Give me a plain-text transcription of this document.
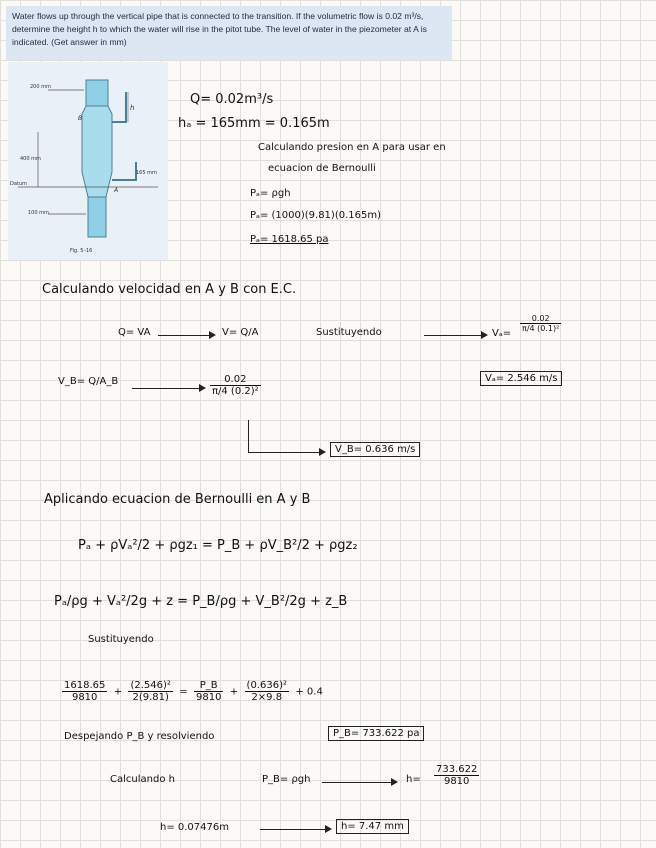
Water flows up through the vertical pipe that is connected to the transition. If the volumetric flow is 0.02 m³/s, determine the height h to which the water will rise in the pitot tube. The level of water in the piezometer at A is indicated. (Get answer in mm)
200 mm
400 mm
Datum
165 mm
100 mm
h
A
B
Fig. 5–16
Q= 0.02m³/s
hₐ = 165mm = 0.165m
Calculando presion en A para usar en
ecuacion de Bernoulli
Pₐ= ρgh
Pₐ= (1000)(9.81)(0.165m)
Pₐ= 1618.65 pa
Calculando velocidad en A y B con E.C.
Q= VA	V= Q/A	Sustituyendo	Vₐ=
$\frac{0.02}{\text{π/4 (0.1)²}}$
Vₐ= 2.546 m/s
V_B= Q/A_B	$\frac{0.02}{\text{π/4 (0.2)²}}$
V_B= 0.636 m/s
Aplicando ecuacion de Bernoulli en A y B
Pₐ + ρVₐ²/2 + ρgz₁ = P_B + ρV_B²/2 + ρgz₂
Pₐ/ρg + Vₐ²/2g + z = P_B/ρg + V_B²/2g + z_B
Sustituyendo
$\frac{1618.65}{9810} + \frac{\text{(2.546)²}}{2(9.81)} = \frac{P\_B}{9810} + \frac{\text{(0.636)²}}{2\times 9.8} + 0.4$
Despejando P_B y resolviendo	P_B= 733.622 pa
Calculando h	P_B= ρgh	$h= \frac{733.622}{9810}$
h= 0.07476m	h= 7.47 mm
